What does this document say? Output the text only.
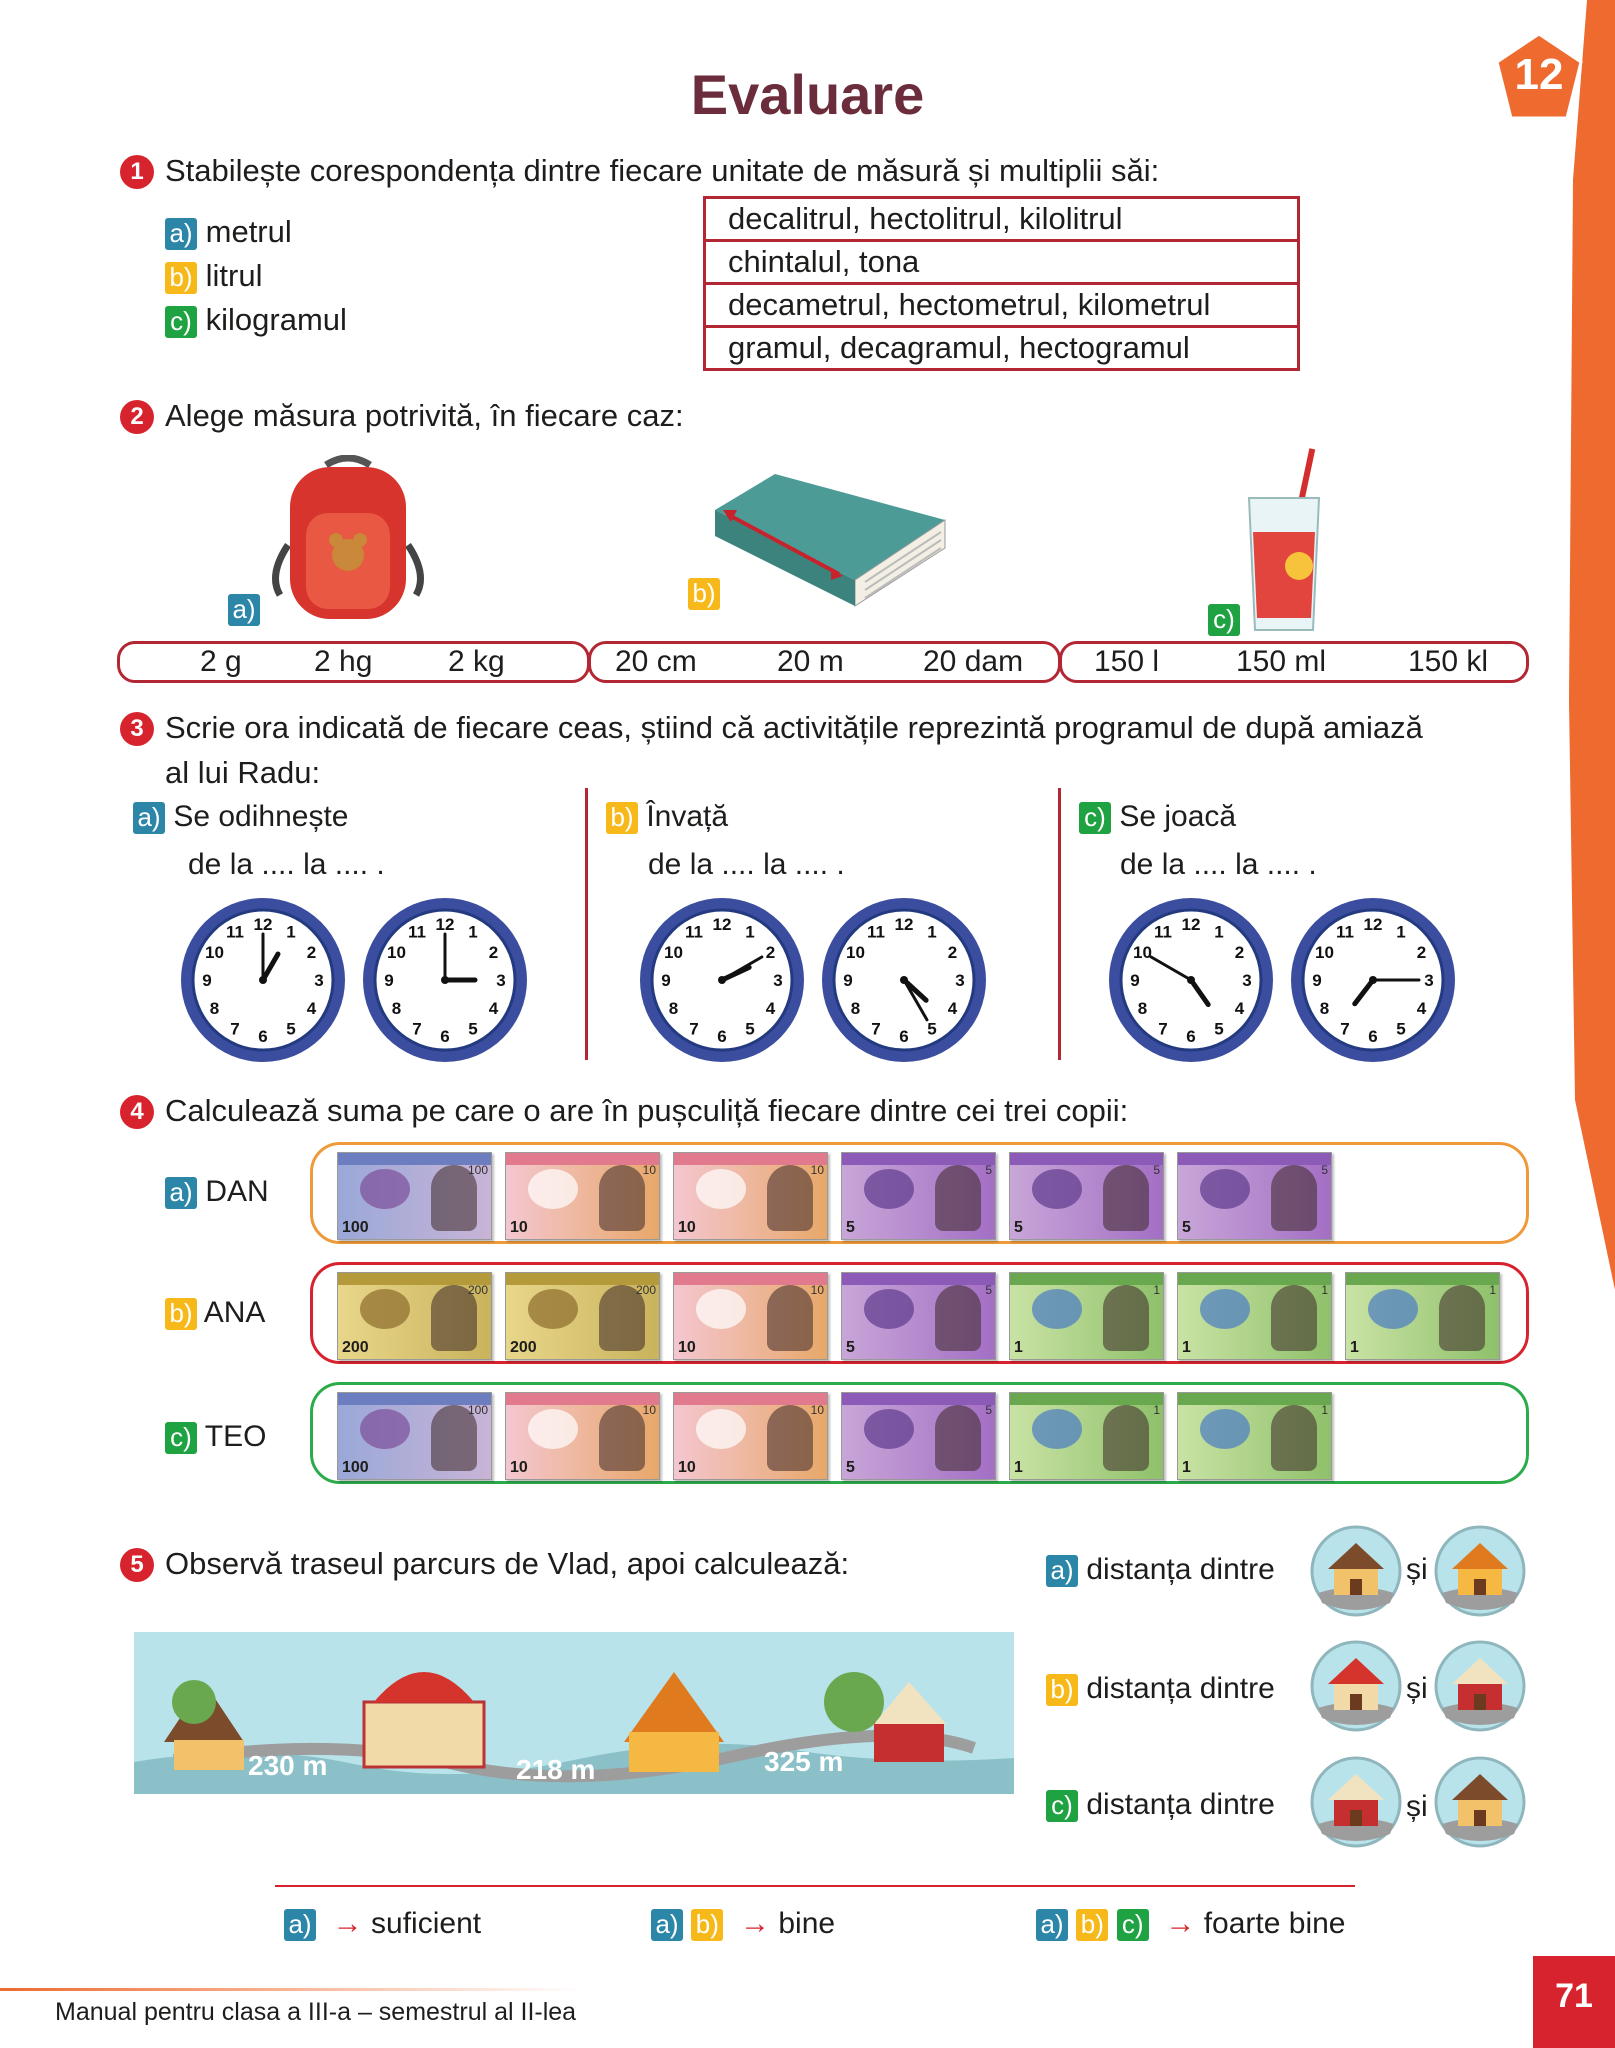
12
Evaluare
1 Stabilește corespondența dintre fiecare unitate de măsură și multiplii săi:
a) metrul
b) litrul
c) kilogramul
decalitrul, hectolitrul, kilolitrul
chintalul, tona
decametrul, hectometrul, kilometrul
gramul, decagramul, hectogramul
2 Alege măsura potrivită, în fiecare caz:
a)
b)
c)
2 g 2 hg	2 kg	20 cm	20 m	20 dam 150 l	150 ml	150 kl
3 Scrie ora indicată de fiecare ceas, știind că activitățile reprezintă programul de după amiază
al lui Radu:
a) Se odihnește
de la .... la .... .
b) Învață
de la .... la .... .
c) Se joacă
de la .... la .... .
1
2
3
4
5
6
7
8
9
10
11 12	1
2
3
4
5
6
7
8
9
10
11 12	1
2
3
4
5
6
7
8
9
10
11 12	1
2
3
4
5
6
7
8
9
10
11 12	1
2
3
4
5
6
7
8
9
10
11 12	1
2
3
4
5
6
7
8
9
10
11 12
4 Calculează suma pe care o are în pușculiță fiecare dintre cei trei copii:
a) DAN
100
100
10
10
10
10
5
5
5
5
5
5
b) ANA
200
200
200
200
10
10
5
5
1
1
1
1
1
1
c) TEO
100
100
10
10
10
10
5
5
1
1
1
1
5 Observă traseul parcurs de Vlad, apoi calculează:
230 m	218 m	325 m
a) distanța dintre	și
b) distanța dintre	și
c) distanța dintre	și
a)  → suficient	a) b)  → bine	a) b) c)  → foarte bine
Manual pentru clasa a III-a – semestrul al II-lea	71
